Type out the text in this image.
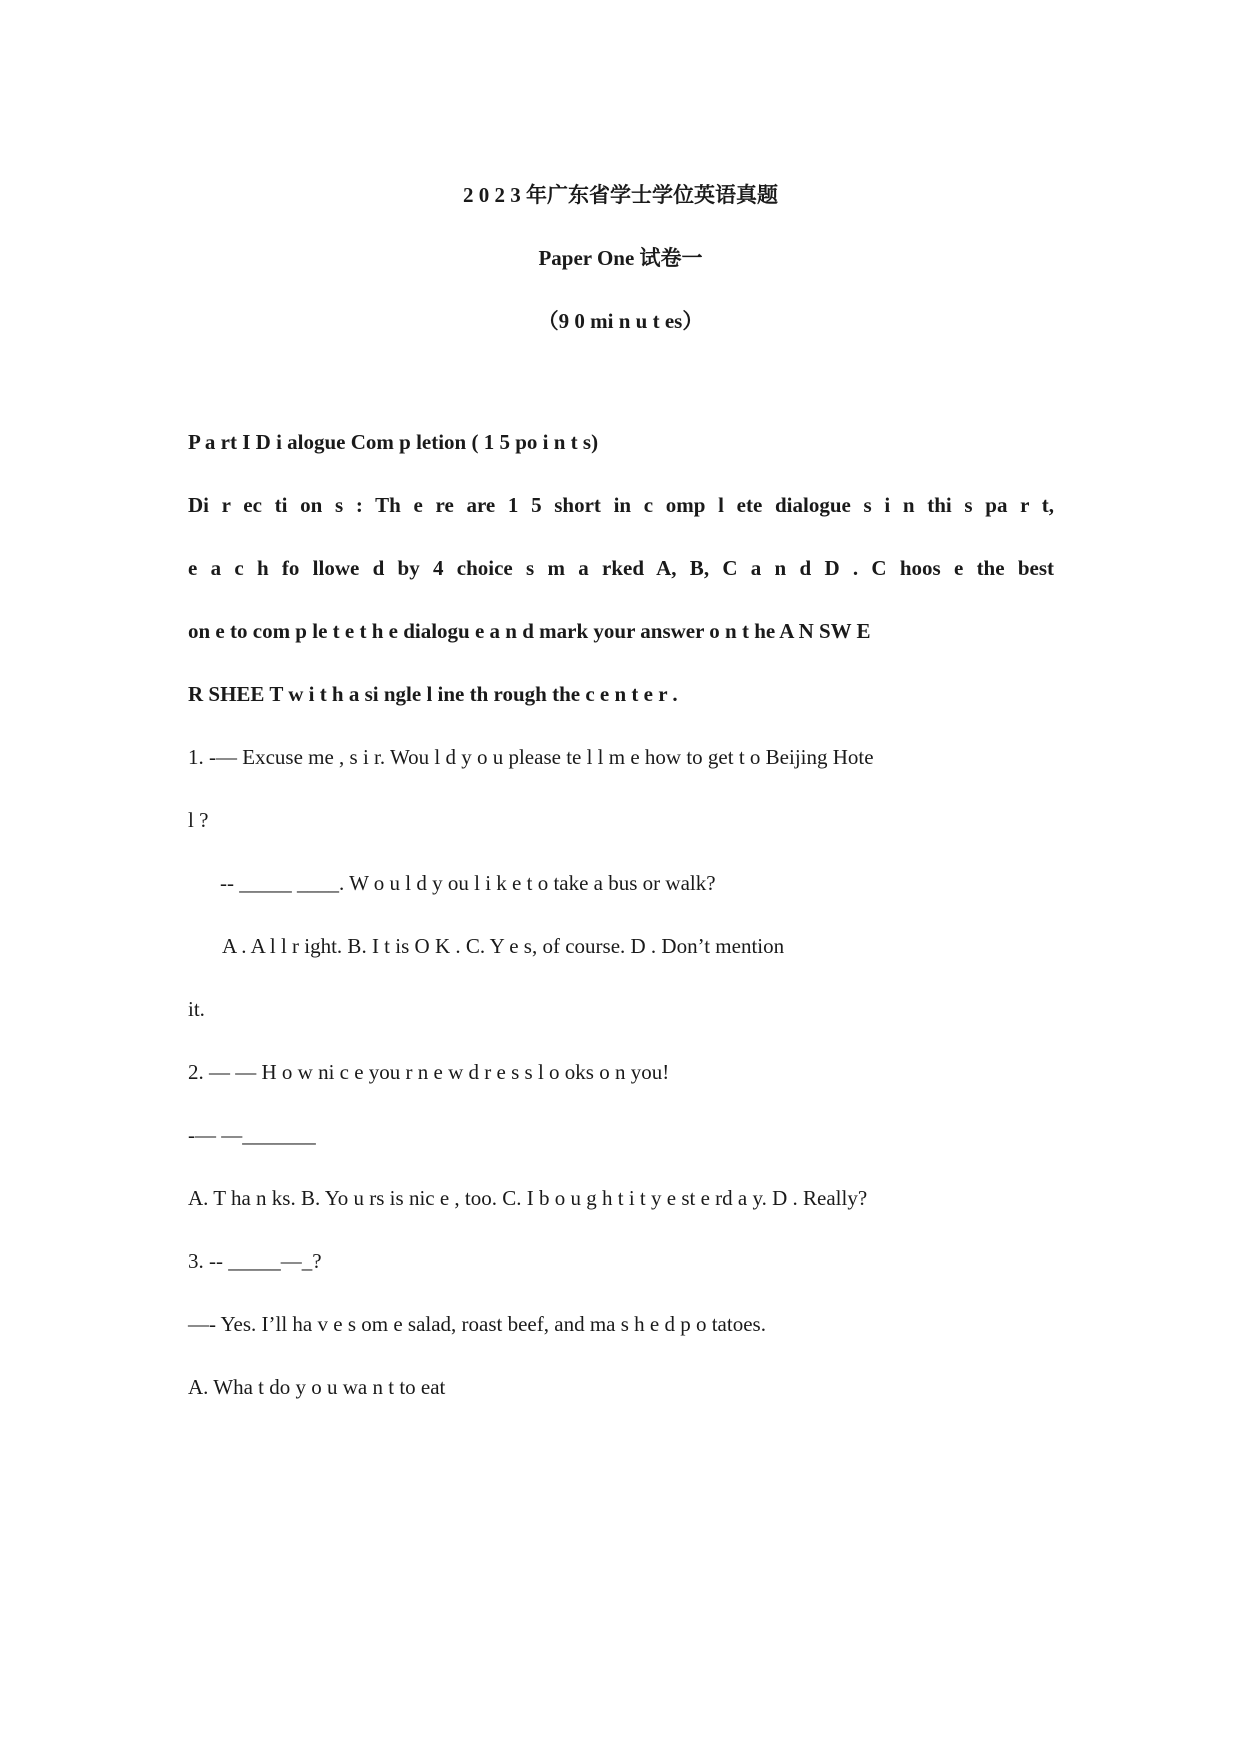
2 0 2 3 年广东省学士学位英语真题
Paper One 试卷一
（9 0 mi n u t es）
P a rt I D i alogue Com p letion ( 1 5 po i n t s)
Di r ec ti on s : Th e re are 1 5 short in c omp l ete dialogue s i n thi s pa r t,
e a c h fo llowe d by 4 choice s m a rked A, B, C a n d D . C hoos e the best
on e to com p le t e t h e dialogu e a n d mark your answer o n t he A N SW E
R SHEE T w i t h a si ngle l ine th rough the c e n t e r .
1. -— Excuse me , s i r. Wou l d y o u please te l l m e how to get t o Beijing Hote
l ?
-- _____ ____. W o u l d y ou l i k e t o take a bus or walk?
A . A l l r ight. B. I t is O K . C. Y e s, of course. D . Don’t mention
it.
2. — — H o w ni c e you r n e w d r e s s l o oks o n you!
-— —_______
A. T ha n ks. B. Yo u rs is nic e , too. C. I b o u g h t i t y e st e rd a y. D . Really?
3. -- _____—_?
—- Yes. I’ll ha v e s om e salad, roast beef, and ma s h e d p o tatoes.
A. Wha t do y o u wa n t to eat
